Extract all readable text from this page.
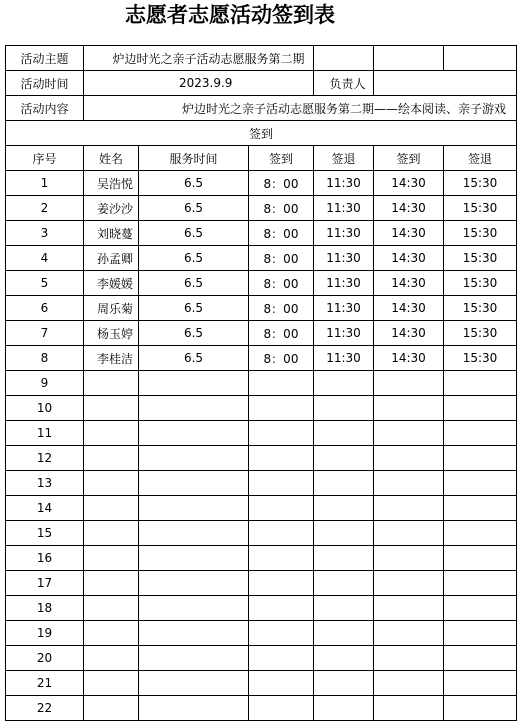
志愿者志愿活动签到表
活动主题	炉边时光之亲子活动志愿服务第二期					
活动时间	2023.9.9			负责人		
活动内容	炉边时光之亲子活动志愿服务第二期——绘本阅读、亲子游戏					
签到						
序号	姓名	服务时间	签到	签退	签到	签退
1	吴浩悦	6.5	8：00	11:30	14:30	15:30
2	姜沙沙	6.5	8：00	11:30	14:30	15:30
3	刘晓蔓	6.5	8：00	11:30	14:30	15:30
4	孙孟卿	6.5	8：00	11:30	14:30	15:30
5	李媛媛	6.5	8：00	11:30	14:30	15:30
6	周乐菊	6.5	8：00	11:30	14:30	15:30
7	杨玉婷	6.5	8：00	11:30	14:30	15:30
8	李桂洁	6.5	8：00	11:30	14:30	15:30
9						
10						
11						
12						
13						
14						
15						
16						
17						
18						
19						
20						
21						
22						
